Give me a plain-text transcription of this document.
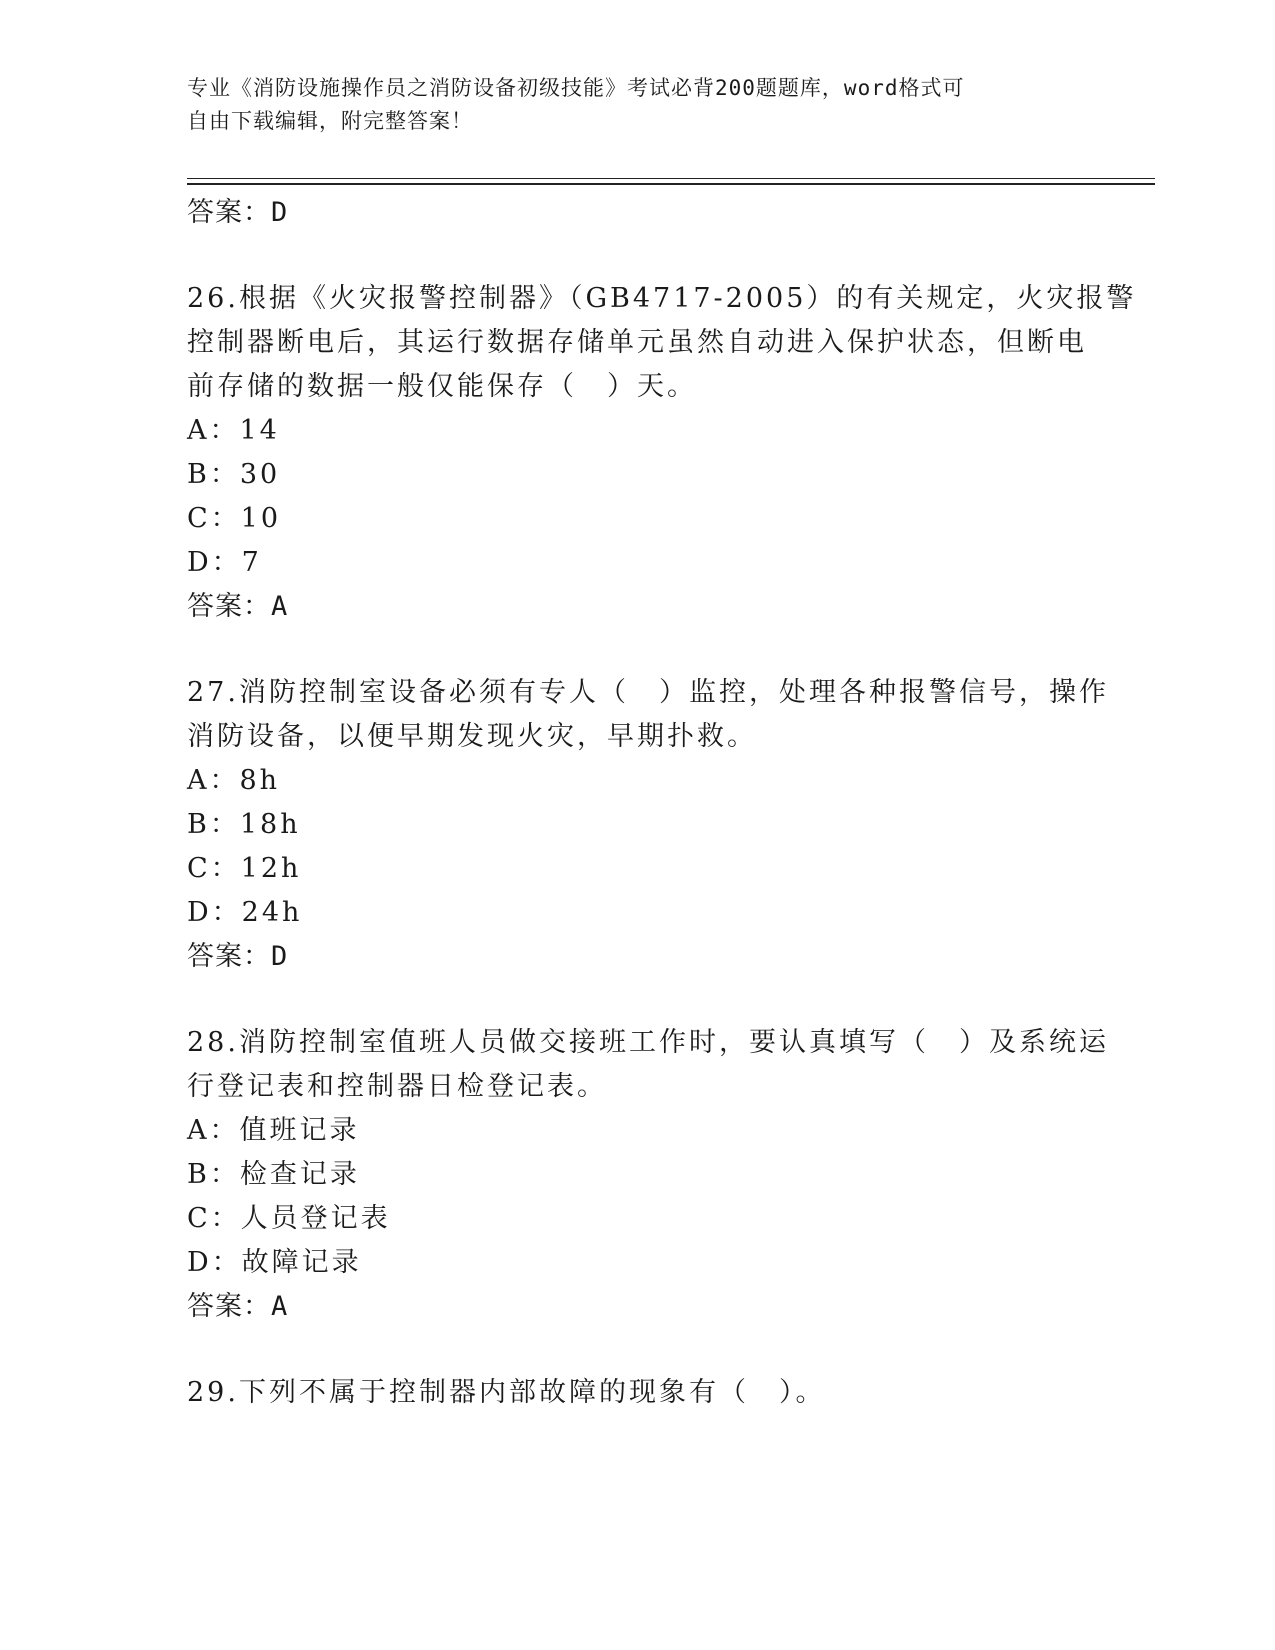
专业《消防设施操作员之消防设备初级技能》考试必背200题题库，word格式可
自由下载编辑，附完整答案！
答案：D
26.根据《火灾报警控制器》（GB4717-2005）的有关规定，火灾报警
控制器断电后，其运行数据存储单元虽然自动进入保护状态，但断电
前存储的数据一般仅能保存（　）天。
A：14
B：30
C：10
D：7
答案：A
27.消防控制室设备必须有专人（　）监控，处理各种报警信号，操作
消防设备，以便早期发现火灾，早期扑救。
A：8h
B：18h
C：12h
D：24h
答案：D
28.消防控制室值班人员做交接班工作时，要认真填写（　）及系统运
行登记表和控制器日检登记表。
A：值班记录
B：检查记录
C：人员登记表
D：故障记录
答案：A
29.下列不属于控制器内部故障的现象有（　）。
